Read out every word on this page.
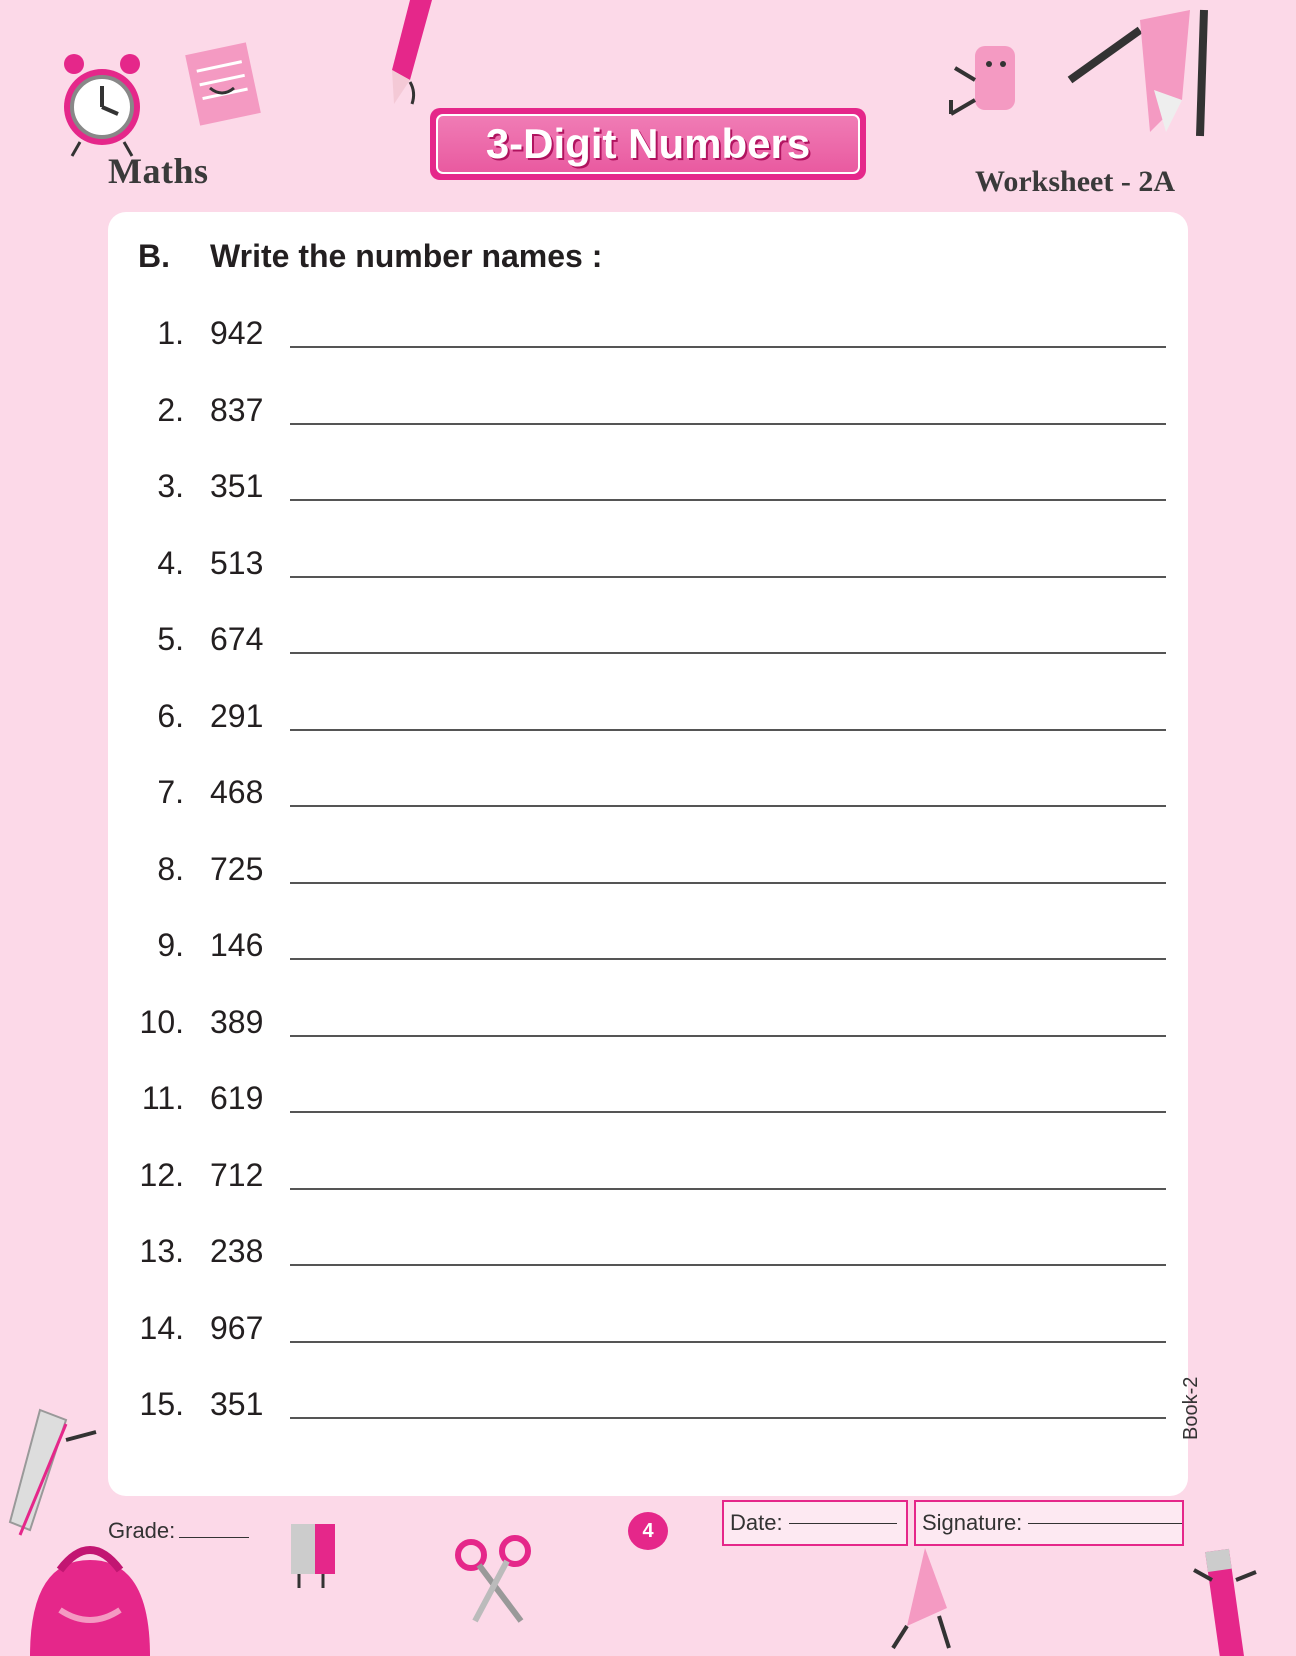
Maths
3-Digit Numbers
Worksheet - 2A
B.	Write the number names :
1. 942
2. 837
3. 351
4. 513
5. 674
6. 291
7. 468
8. 725
9. 146
10. 389
11. 619
12. 712
13. 238
14. 967
15. 351
Grade:	4	Date:	Signature:
Book-2
